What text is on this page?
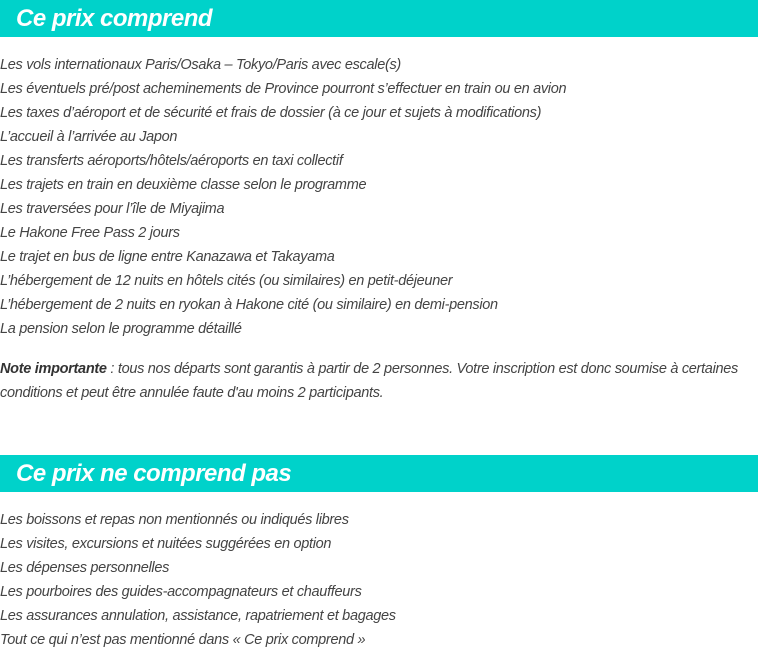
Ce prix comprend
Les vols internationaux Paris/Osaka – Tokyo/Paris avec escale(s)
Les éventuels pré/post acheminements de Province pourront s’effectuer en train ou en avion
Les taxes d’aéroport et de sécurité et frais de dossier (à ce jour et sujets à modifications)
L’accueil à l’arrivée au Japon
Les transferts aéroports/hôtels/aéroports en taxi collectif
Les trajets en train en deuxième classe selon le programme
Les traversées pour l’île de Miyajima
Le Hakone Free Pass 2 jours
Le trajet en bus de ligne entre Kanazawa et Takayama
L’hébergement de 12 nuits en hôtels cités (ou similaires) en petit-déjeuner
L’hébergement de 2 nuits en ryokan à Hakone cité (ou similaire) en demi-pension
La pension selon le programme détaillé
Note importante : tous nos départs sont garantis à partir de 2 personnes. Votre inscription est donc soumise à certaines conditions et peut être annulée faute d'au moins 2 participants.
Ce prix ne comprend pas
Les boissons et repas non mentionnés ou indiqués libres
Les visites, excursions et nuitées suggérées en option
Les dépenses personnelles
Les pourboires des guides-accompagnateurs et chauffeurs
Les assurances annulation, assistance, rapatriement et bagages
Tout ce qui n’est pas mentionné dans « Ce prix comprend »
